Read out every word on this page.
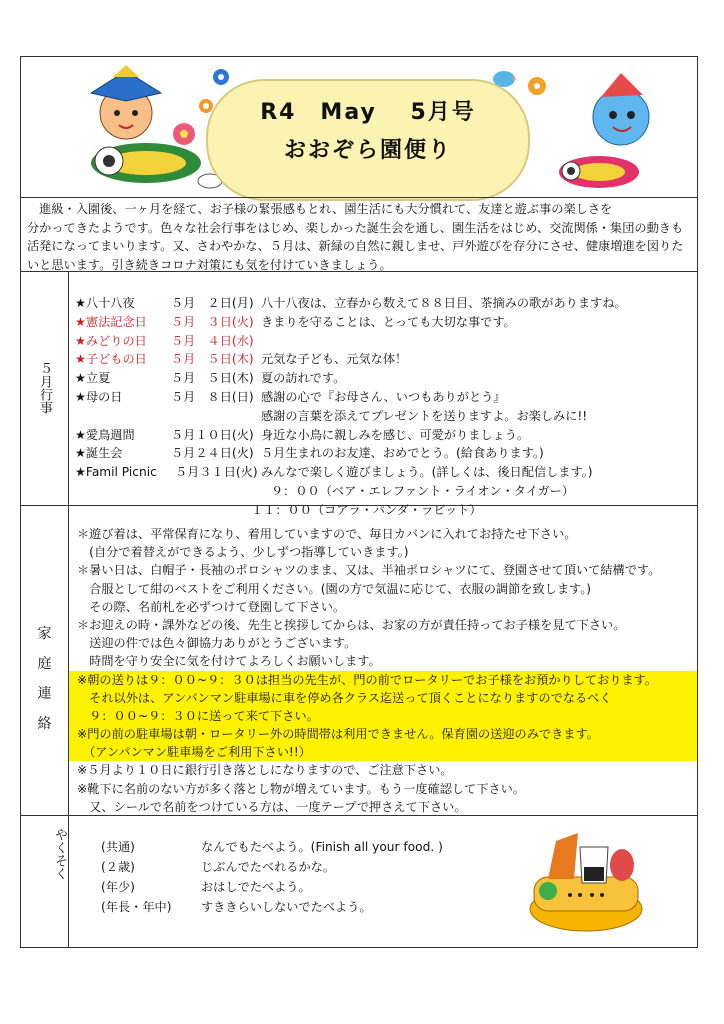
R4　May　 5月号
おおぞら園便り

　進級・入園後、一ヶ月を経て、お子様の緊張感もとれ、園生活にも大分慣れて、友達と遊ぶ事の楽しさを

分かってきたようです。色々な社会行事をはじめ、楽しかった誕生会を通し、園生活をはじめ、交流関係・集団の動きも

活発になってまいります。又、さわやかな、５月は、新緑の自然に親しませ、戸外遊びを存分にさせ、健康増進を図りた

いと思います。引き続きコロナ対策にも気を付けていきましょう。

５月行事
★八十八夜	５月　２日(月) 八十八夜は、立春から数えて８８日目、茶摘みの歌がありますね。
★憲法記念日	５月　３日(火) きまりを守ることは、とっても大切な事です。
★みどりの日	５月　４日(水)
★子どもの日	５月　５日(木) 元気な子ども、元気な体！
★立夏	５月　５日(木) 夏の訪れです。
★母の日	５月　８日(日) 感謝の心で『お母さん、いつもありがとう』
感謝の言葉を添えてプレゼントを送りますよ。お楽しみに!!
★愛鳥週間	５月１０日(火) 身近な小鳥に親しみを感じ、可愛がりましょう。
★誕生会	５月２４日(火) ５月生まれのお友達、おめでとう。(給食あります。)
★Famil Picnic	５月３１日(火) みんなで楽しく遊びましょう。(詳しくは、後日配信します。)
９：００（ベア・エレファント・ライオン・タイガー）
１１：００（コアラ・パンダ・ラビット）
家
庭
連
絡
＊遊び着は、平常保育になり、着用していますので、毎日カバンに入れてお持たせ下さい。
　(自分で着替えができるよう、少しずつ指導していきます。)
＊暑い日は、白帽子・長袖のポロシャツのまま、又は、半袖ポロシャツにて、登園させて頂いて結構です。
　合服として紺のベストをご利用ください。(園の方で気温に応じて、衣服の調節を致します。)
　その際、名前札を必ずつけて登園して下さい。
＊お迎えの時・課外などの後、先生と挨拶してからは、お家の方が責任持ってお子様を見て下さい。
　送迎の件では色々御協力ありがとうございます。
　時間を守り安全に気を付けてよろしくお願いします。
※朝の送りは９：００~９：３０は担当の先生が、門の前でロータリーでお子様をお預かりしております。
　それ以外は、アンパンマン駐車場に車を停め各クラス迄送って頂くことになりますのでなるべく
　９：００~９：３０に送って来て下さい。
※門の前の駐車場は朝・ロータリー外の時間帯は利用できません。保育園の送迎のみできます。
　（アンパンマン駐車場をご利用下さい!!）
※５月より１０日に銀行引き落としになりますので、ご注意下さい。
※靴下に名前のない方が多く落とし物が増えています。もう一度確認して下さい。
　又、シールで名前をつけている方は、一度テープで押さえて下さい。
やくそく	(共通)	なんでもたべよう。(Finish all your food. )
(２歳)	じぶんでたべれるかな。
(年少)	おはしでたべよう。
(年長・年中)	すききらいしないでたべよう。
